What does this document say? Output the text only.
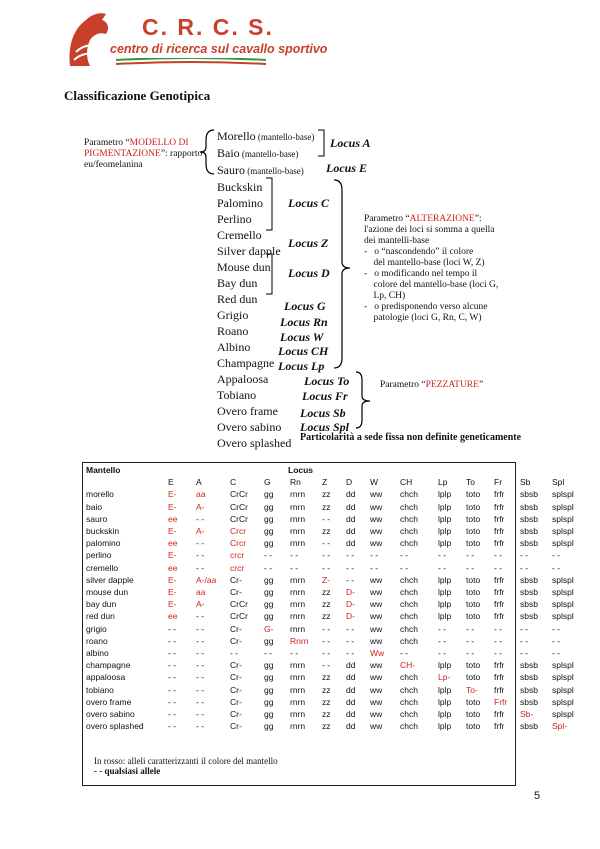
C. R. C. S.
centro di ricerca sul cavallo sportivo
Classificazione Genotipica
Parametro “MODELLO DI PIGMENTAZIONE”: rapporto eu/feomelanina
Parametro “ALTERAZIONE”:
l'azione dei loci si somma a quella
dei mantelli-base
-   o “nascondendo” il colore
del mantello-base (loci W, Z)
-   o modificando nel tempo il
colore del mantello-base (loci G,
Lp, CH)
-   o predisponendo verso alcune
patologie (loci G, Rn, C, W)
Parametro “PEZZATURE”
Morello (mantello-base)
Baio (mantello-base)
Sauro (mantello-base)
Buckskin
Palomino
Perlino
Cremello
Silver dapple
Mouse dun
Bay dun
Red dun
Grigio
Roano
Albino
Champagne
Appaloosa
Tobiano
Overo frame
Overo sabino
Overo splashed
Locus A
Locus E
Locus C
Locus Z
Locus D
Locus G
Locus Rn
Locus W
Locus CH
Locus Lp
Locus To
Locus Fr
Locus Sb
Locus Spl
Particolarità a sede fissa non definite geneticamente
Mantello	Locus													
	E	A	C	G	Rn	Z	D	W	CH	Lp	To	Fr	Sb	Spl
morello	E-	aa	CrCr	gg	rnrn	zz	dd	ww	chch	lplp	toto	frfr	sbsb	splspl
baio	E-	A-	CrCr	gg	rnrn	zz	dd	ww	chch	lplp	toto	frfr	sbsb	splspl
sauro	ee	- -	CrCr	gg	rnrn	- -	dd	ww	chch	lplp	toto	frfr	sbsb	splspl
buckskin	E-	A-	Crcr	gg	rnrn	zz	dd	ww	chch	lplp	toto	frfr	sbsb	splspl
palomino	ee	- -	Crcr	gg	rnrn	- -	dd	ww	chch	lplp	toto	frfr	sbsb	splspl
perlino	E-	- -	crcr	- -	- -	- -	- -	- -	- -	- -	- -	- -	- -	- -
cremello	ee	- -	crcr	- -	- -	- -	- -	- -	- -	- -	- -	- -	- -	- -
silver dapple	E-	A-/aa	Cr-	gg	rnrn	Z-	- -	ww	chch	lplp	toto	frfr	sbsb	splspl
mouse dun	E-	aa	Cr-	gg	rnrn	zz	D-	ww	chch	lplp	toto	frfr	sbsb	splspl
bay dun	E-	A-	CrCr	gg	rnrn	zz	D-	ww	chch	lplp	toto	frfr	sbsb	splspl
red dun	ee	- -	CrCr	gg	rnrn	zz	D-	ww	chch	lplp	toto	frfr	sbsb	splspl
grigio	- -	- -	Cr-	G-	rnrn	- -	- -	ww	chch	- -	- -	- -	- -	- -
roano	- -	- -	Cr-	gg	Rnrn	- -	- -	ww	chch	- -	- -	- -	- -	- -
albino	- -	- -	- -	- -	- -	- -	- -	Ww	- -	- -	- -	- -	- -	- -
champagne	- -	- -	Cr-	gg	rnrn	- -	dd	ww	CH-	lplp	toto	frfr	sbsb	splspl
appaloosa	- -	- -	Cr-	gg	rnrn	zz	dd	ww	chch	Lp-	toto	frfr	sbsb	splspl
tobiano	- -	- -	Cr-	gg	rnrn	zz	dd	ww	chch	lplp	To-	frfr	sbsb	splspl
overo frame	- -	- -	Cr-	gg	rnrn	zz	dd	ww	chch	lplp	toto	Frfr	sbsb	splspl
overo sabino	- -	- -	Cr-	gg	rnrn	zz	dd	ww	chch	lplp	toto	frfr	Sb-	splspl
overo splashed	- -	- -	Cr-	gg	rnrn	zz	dd	ww	chch	lplp	toto	frfr	sbsb	Spl-
In rosso: alleli caratterizzanti il colore del mantello
- - qualsiasi allele
5
